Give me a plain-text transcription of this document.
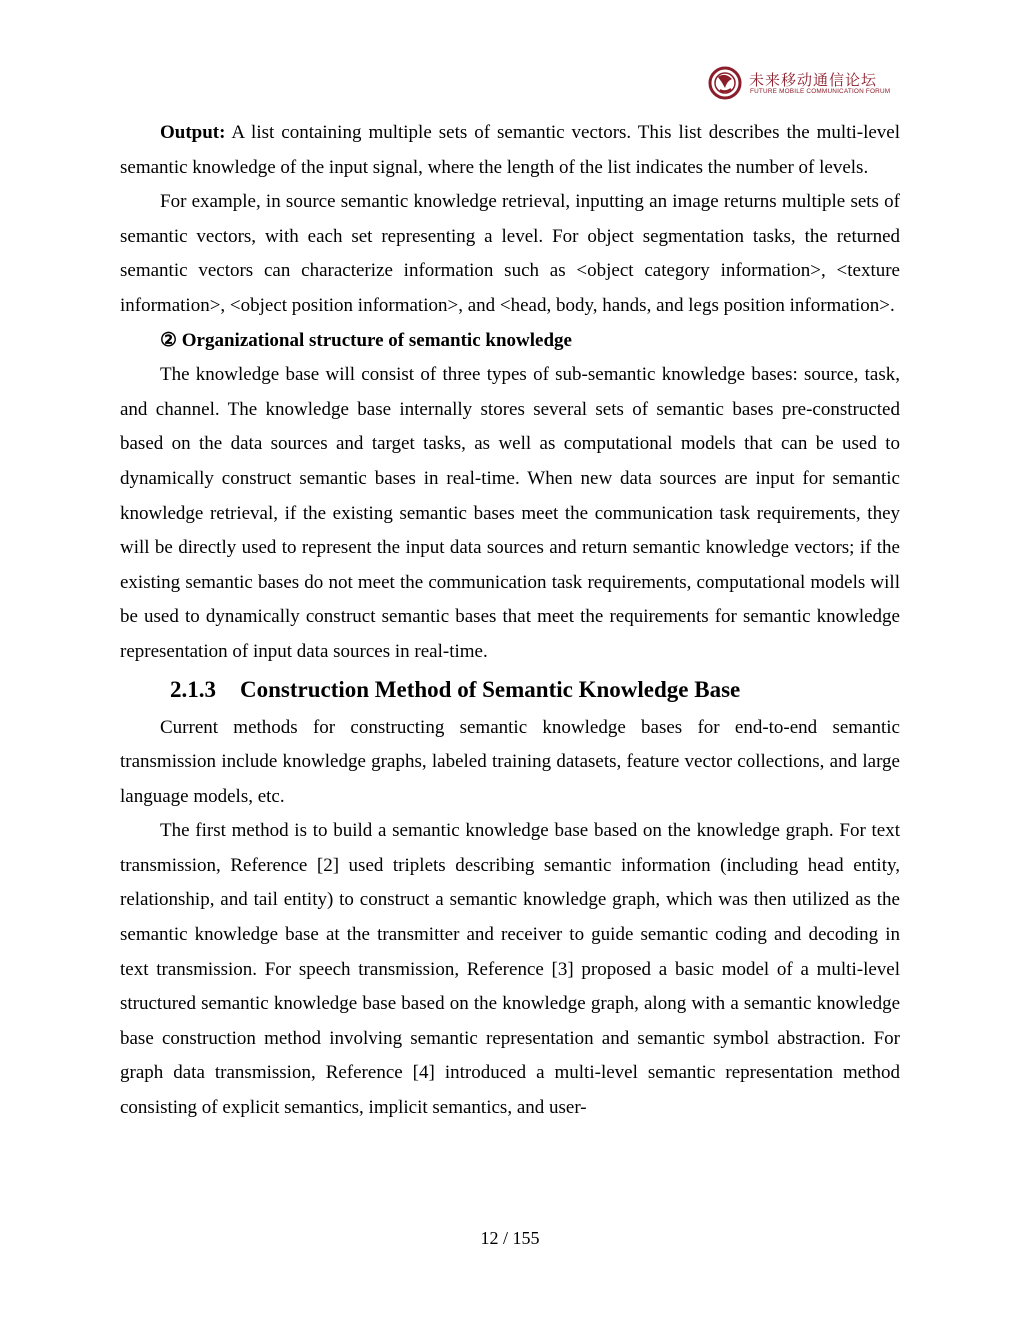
未来移动通信论坛
FUTURE MOBILE COMMUNICATION FORUM

Output: A list containing multiple sets of semantic vectors. This list describes the multi-level semantic knowledge of the input signal, where the length of the list indicates the number of levels.

For example, in source semantic knowledge retrieval, inputting an image returns multiple sets of semantic vectors, with each set representing a level. For object segmentation tasks, the returned semantic vectors can characterize information such as <object category information>, <texture information>, <object position information>, and <head, body, hands, and legs position information>.

② Organizational structure of semantic knowledge

The knowledge base will consist of three types of sub-semantic knowledge bases: source, task, and channel. The knowledge base internally stores several sets of semantic bases pre-constructed based on the data sources and target tasks, as well as computational models that can be used to dynamically construct semantic bases in real-time. When new data sources are input for semantic knowledge retrieval, if the existing semantic bases meet the communication task requirements, they will be directly used to represent the input data sources and return semantic knowledge vectors; if the existing semantic bases do not meet the communication task requirements, computational models will be used to dynamically construct semantic bases that meet the requirements for semantic knowledge representation of input data sources in real-time.

2.1.3 Construction Method of Semantic Knowledge Base

Current methods for constructing semantic knowledge bases for end-to-end semantic transmission include knowledge graphs, labeled training datasets, feature vector collections, and large language models, etc.

The first method is to build a semantic knowledge base based on the knowledge graph. For text transmission, Reference [2] used triplets describing semantic information (including head entity, relationship, and tail entity) to construct a semantic knowledge graph, which was then utilized as the semantic knowledge base at the transmitter and receiver to guide semantic coding and decoding in text transmission. For speech transmission, Reference [3] proposed a basic model of a multi-level structured semantic knowledge base based on the knowledge graph, along with a semantic knowledge base construction method involving semantic representation and semantic symbol abstraction. For graph data transmission, Reference [4] introduced a multi-level semantic representation method consisting of explicit semantics, implicit semantics, and user-

12 / 155
